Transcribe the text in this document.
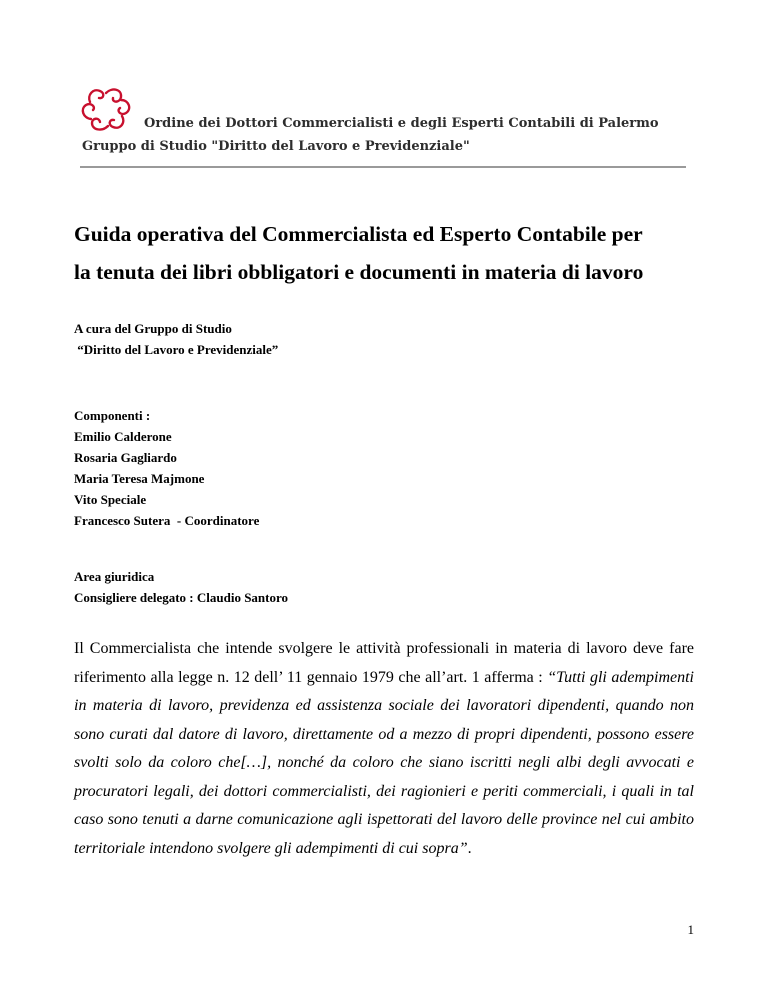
Ordine dei Dottori Commercialisti e degli Esperti Contabili di Palermo
Gruppo di Studio "Diritto del Lavoro e Previdenziale"
Guida operativa del Commercialista ed Esperto Contabile per
la tenuta dei libri obbligatori e documenti in materia di lavoro
A cura del Gruppo di Studio
“Diritto del Lavoro e Previdenziale”
Componenti :
Emilio Calderone
Rosaria Gagliardo
Maria Teresa Majmone
Vito Speciale
Francesco Sutera  - Coordinatore
Area giuridica
Consigliere delegato : Claudio Santoro

Il Commercialista che intende svolgere le attività professionali in materia di lavoro deve fare riferimento alla legge n. 12 dell’ 11 gennaio 1979 che all’art. 1 afferma : “Tutti gli adempimenti in materia di lavoro, previdenza ed assistenza sociale dei lavoratori dipendenti, quando non sono curati dal datore di lavoro, direttamente od a mezzo di propri dipendenti, possono essere svolti solo da coloro che[…], nonché da coloro che siano iscritti negli albi degli avvocati e procuratori legali, dei dottori commercialisti, dei ragionieri e periti commerciali, i quali in tal caso sono tenuti a darne comunicazione agli ispettorati del lavoro delle province nel cui ambito territoriale intendono svolgere gli adempimenti di cui sopra”.

1
